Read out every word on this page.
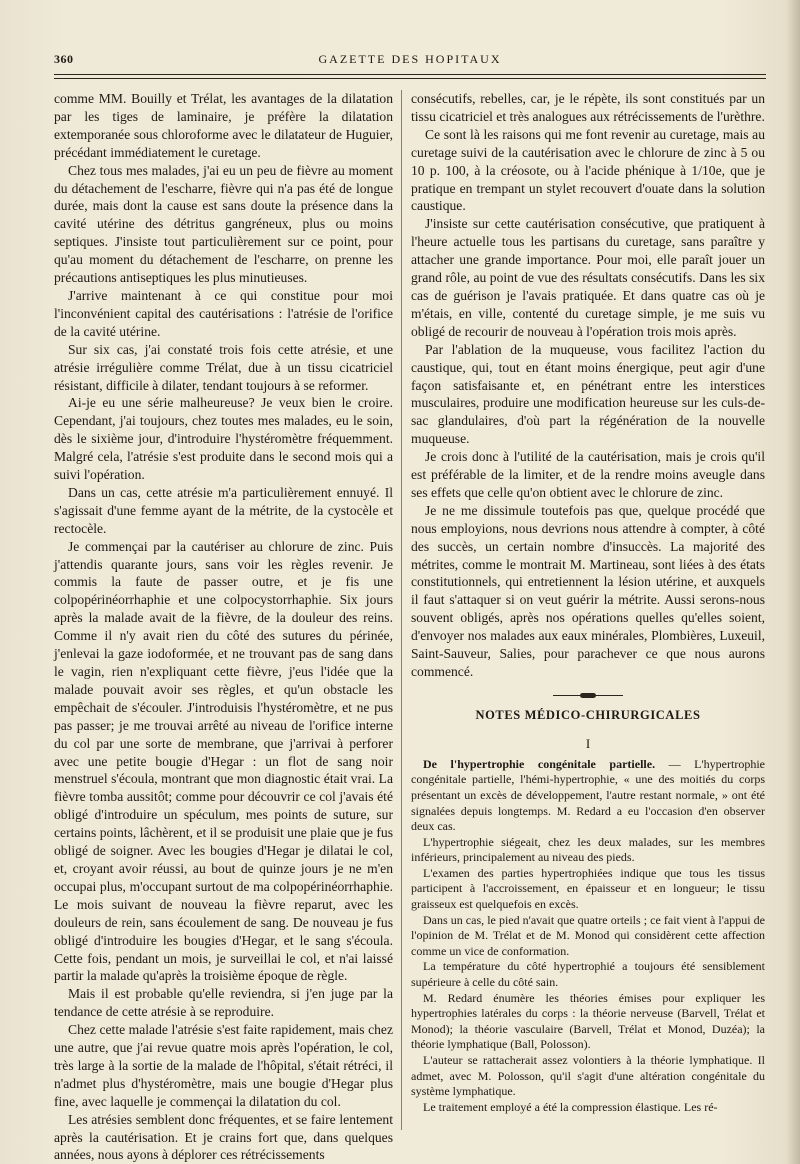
360	GAZETTE DES HOPITAUX

comme MM. Bouilly et Trélat, les avantages de la dilatation par les tiges de laminaire, je préfère la dilatation extemporanée sous chloroforme avec le dilatateur de Huguier, précédant immédiatement le curetage.

Chez tous mes malades, j'ai eu un peu de fièvre au moment du détachement de l'escharre, fièvre qui n'a pas été de longue durée, mais dont la cause est sans doute la présence dans la cavité utérine des détritus gangréneux, plus ou moins septiques. J'insiste tout particulièrement sur ce point, pour qu'au moment du détachement de l'escharre, on prenne les précautions antiseptiques les plus minutieuses.

J'arrive maintenant à ce qui constitue pour moi l'inconvénient capital des cautérisations : l'atrésie de l'orifice de la cavité utérine.

Sur six cas, j'ai constaté trois fois cette atrésie, et une atrésie irrégulière comme Trélat, due à un tissu cicatriciel résistant, difficile à dilater, tendant toujours à se reformer.

Ai-je eu une série malheureuse? Je veux bien le croire. Cependant, j'ai toujours, chez toutes mes malades, eu le soin, dès le sixième jour, d'introduire l'hystéromètre fréquemment. Malgré cela, l'atrésie s'est produite dans le second mois qui a suivi l'opération.

Dans un cas, cette atrésie m'a particulièrement ennuyé. Il s'agissait d'une femme ayant de la métrite, de la cystocèle et rectocèle.

Je commençai par la cautériser au chlorure de zinc. Puis j'attendis quarante jours, sans voir les règles revenir. Je commis la faute de passer outre, et je fis une colpopérinéorrhaphie et une colpocystorrhaphie. Six jours après la malade avait de la fièvre, de la douleur des reins. Comme il n'y avait rien du côté des sutures du périnée, j'enlevai la gaze iodoformée, et ne trouvant pas de sang dans le vagin, rien n'expliquant cette fièvre, j'eus l'idée que la malade pouvait avoir ses règles, et qu'un obstacle les empêchait de s'écouler. J'introduisis l'hystéromètre, et ne pus pas passer; je me trouvai arrêté au niveau de l'orifice interne du col par une sorte de membrane, que j'arrivai à perforer avec une petite bougie d'Hegar : un flot de sang noir menstruel s'écoula, montrant que mon diagnostic était vrai. La fièvre tomba aussitôt; comme pour découvrir ce col j'avais été obligé d'introduire un spéculum, mes points de suture, sur certains points, lâchèrent, et il se produisit une plaie que je fus obligé de soigner. Avec les bougies d'Hegar je dilatai le col, et, croyant avoir réussi, au bout de quinze jours je ne m'en occupai plus, m'occupant surtout de ma colpopérinéorrhaphie. Le mois suivant de nouveau la fièvre reparut, avec les douleurs de rein, sans écoulement de sang. De nouveau je fus obligé d'introduire les bougies d'Hegar, et le sang s'écoula. Cette fois, pendant un mois, je surveillai le col, et n'ai laissé partir la malade qu'après la troisième époque de règle.

Mais il est probable qu'elle reviendra, si j'en juge par la tendance de cette atrésie à se reproduire.

Chez cette malade l'atrésie s'est faite rapidement, mais chez une autre, que j'ai revue quatre mois après l'opération, le col, très large à la sortie de la malade de l'hôpital, s'était rétréci, il n'admet plus d'hystéromètre, mais une bougie d'Hegar plus fine, avec laquelle je commençai la dilatation du col.

Les atrésies semblent donc fréquentes, et se faire lentement après la cautérisation. Et je crains fort que, dans quelques années, nous ayons à déplorer ces rétrécissements

consécutifs, rebelles, car, je le répète, ils sont constitués par un tissu cicatriciel et très analogues aux rétrécissements de l'urèthre.

Ce sont là les raisons qui me font revenir au curetage, mais au curetage suivi de la cautérisation avec le chlorure de zinc à 5 ou 10 p. 100, à la créosote, ou à l'acide phénique à 1/10e, que je pratique en trempant un stylet recouvert d'ouate dans la solution caustique.

J'insiste sur cette cautérisation consécutive, que pratiquent à l'heure actuelle tous les partisans du curetage, sans paraître y attacher une grande importance. Pour moi, elle paraît jouer un grand rôle, au point de vue des résultats consécutifs. Dans les six cas de guérison je l'avais pratiquée. Et dans quatre cas où je m'étais, en ville, contenté du curetage simple, je me suis vu obligé de recourir de nouveau à l'opération trois mois après.

Par l'ablation de la muqueuse, vous facilitez l'action du caustique, qui, tout en étant moins énergique, peut agir d'une façon satisfaisante et, en pénétrant entre les interstices musculaires, produire une modification heureuse sur les culs-de-sac glandulaires, d'où part la régénération de la nouvelle muqueuse.

Je crois donc à l'utilité de la cautérisation, mais je crois qu'il est préférable de la limiter, et de la rendre moins aveugle dans ses effets que celle qu'on obtient avec le chlorure de zinc.

Je ne me dissimule toutefois pas que, quelque procédé que nous employions, nous devrions nous attendre à compter, à côté des succès, un certain nombre d'insuccès. La majorité des métrites, comme le montrait M. Martineau, sont liées à des états constitutionnels, qui entretiennent la lésion utérine, et auxquels il faut s'attaquer si on veut guérir la métrite. Aussi serons-nous souvent obligés, après nos opérations quelles qu'elles soient, d'envoyer nos malades aux eaux minérales, Plombières, Luxeuil, Saint-Sauveur, Salies, pour parachever ce que nous aurons commencé.

NOTES MÉDICO-CHIRURGICALES
I

De l'hypertrophie congénitale partielle. — L'hypertrophie congénitale partielle, l'hémi-hypertrophie, « une des moitiés du corps présentant un excès de développement, l'autre restant normale, » ont été signalées depuis longtemps. M. Redard a eu l'occasion d'en observer deux cas.

L'hypertrophie siégeait, chez les deux malades, sur les membres inférieurs, principalement au niveau des pieds.

L'examen des parties hypertrophiées indique que tous les tissus participent à l'accroissement, en épaisseur et en longueur; le tissu graisseux est quelquefois en excès.

Dans un cas, le pied n'avait que quatre orteils ; ce fait vient à l'appui de l'opinion de M. Trélat et de M. Monod qui considèrent cette affection comme un vice de conformation.

La température du côté hypertrophié a toujours été sensiblement supérieure à celle du côté sain.

M. Redard énumère les théories émises pour expliquer les hypertrophies latérales du corps : la théorie nerveuse (Barvell, Trélat et Monod); la théorie vasculaire (Barvell, Trélat et Monod, Duzéa); la théorie lymphatique (Ball, Polosson).

L'auteur se rattacherait assez volontiers à la théorie lymphatique. Il admet, avec M. Polosson, qu'il s'agit d'une altération congénitale du système lymphatique.

Le traitement employé a été la compression élastique. Les ré-
